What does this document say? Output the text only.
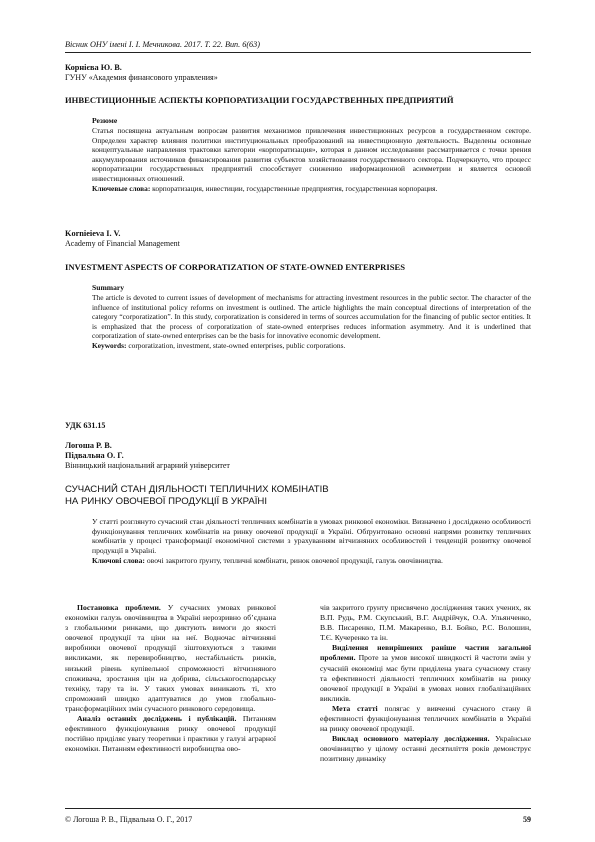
Вісник ОНУ імені І. І. Мечникова. 2017. Т. 22. Вип. 6(63)
Корнієва Ю. В.
ГУНУ «Академия финансового управления»
ИНВЕСТИЦИОННЫЕ АСПЕКТЫ КОРПОРАТИЗАЦИИ ГОСУДАРСТВЕННЫХ ПРЕДПРИЯТИЙ

Резюме

Статья посвящена актуальным вопросам развития механизмов привлечения инвестиционных ресурсов в государственном секторе. Определен характер влияния политики институциональных преобразований на инвестиционную деятельность. Выделены основные концептуальные направления трактовки категории «корпоратизация», которая в данном исследовании рассматривается с точки зрения аккумулирования источников финансирования развития субъектов хозяйствования государственного сектора. Подчеркнуто, что процесс корпоратизации государственных предприятий способствует снижению информационной асимметрии и является основой инвестиционных отношений.

Ключевые слова: корпоратизация, инвестиции, государственные предприятия, государственная корпорация.

Kornieieva I. V.
Academy of Financial Management
INVESTMENT ASPECTS OF CORPORATIZATION OF STATE-OWNED ENTERPRISES

Summary

The article is devoted to current issues of development of mechanisms for attracting investment resources in the public sector. The character of the influence of institutional policy reforms on investment is outlined. The article highlights the main conceptual directions of interpretation of the category “corporatization”. In this study, corporatization is considered in terms of sources accumulation for the financing of public sector entities. It is emphasized that the process of corporatization of state-owned enterprises reduces information asymmetry. And it is underlined that corporatization of state-owned enterprises can be the basis for innovative economic development.

Keywords: corporatization, investment, state-owned enterprises, public corporations.

УДК 631.15
Логоша Р. В.
Підвальна О. Г.
Вінницький національний аграрний університет
СУЧАСНИЙ СТАН ДІЯЛЬНОСТІ ТЕПЛИЧНИХ КОМБІНАТІВ
НА РИНКУ ОВОЧЕВОЇ ПРОДУКЦІЇ В УКРАЇНІ

У статті розглянуто сучасний стан діяльності тепличних комбінатів в умовах ринкової економіки. Визначено і досліджено особливості функціонування тепличних комбінатів на ринку овочевої продукції в Україні. Обґрунтовано основні напрями розвитку тепличних комбінатів у процесі трансформації економічної системи з урахуванням вітчизняних особливостей і тенденцій розвитку овочевої продукції в Україні.

Ключові слова: овочі закритого ґрунту, тепличні комбінати, ринок овочевої продукції, галузь овочівництва.

Постановка проблеми. У сучасних умовах ринкової економіки галузь овочівництва в Україні нерозривно об’єднана з глобальними ринками, що диктують вимоги до якості овочевої продукції та ціни на неї. Водночас вітчизняні виробники овочевої продукції зіштовхуються з такими викликами, як перевиробництво, нестабільність ринків, низький рівень купівельної спроможності вітчизняного споживача, зростання цін на добрива, сільськогосподарську техніку, тару та ін. У таких умовах виникають ті, хто спроможний швидко адаптуватися до умов глобально-трансформаційних змін сучасного ринкового середовища.

Аналіз останніх досліджень і публікацій. Питанням ефективного функціонування ринку овочевої продукції постійно приділяє увагу теоретики і практики у галузі аграрної економіки. Питанням ефективності виробництва ово-

чів закритого ґрунту присвячено дослідження таких учених, як В.П. Рудь, Р.М. Скупський, В.Г. Андрійчук, О.А. Ульянченко, В.В. Писаренко, П.М. Макаренко, В.І. Бойко, Р.С. Волошин, Т.Є. Кучеренко та ін.

Виділення невирішених раніше частин загальної проблеми. Проте за умов високої швидкості й частоти змін у сучасній економіці має бути приділена увага сучасному стану та ефективності діяльності тепличних комбінатів на ринку овочевої продукції в Україні в умовах нових глобалізаційних викликів.

Мета статті полягає у вивченні сучасного стану й ефективності функціонування тепличних комбінатів в Україні на ринку овочевої продукції.

Виклад основного матеріалу дослідження. Українське овочівництво у цілому останні десятиліття років демонструє позитивну динаміку

© Логоша Р. В., Підвальна О. Г., 2017	59
